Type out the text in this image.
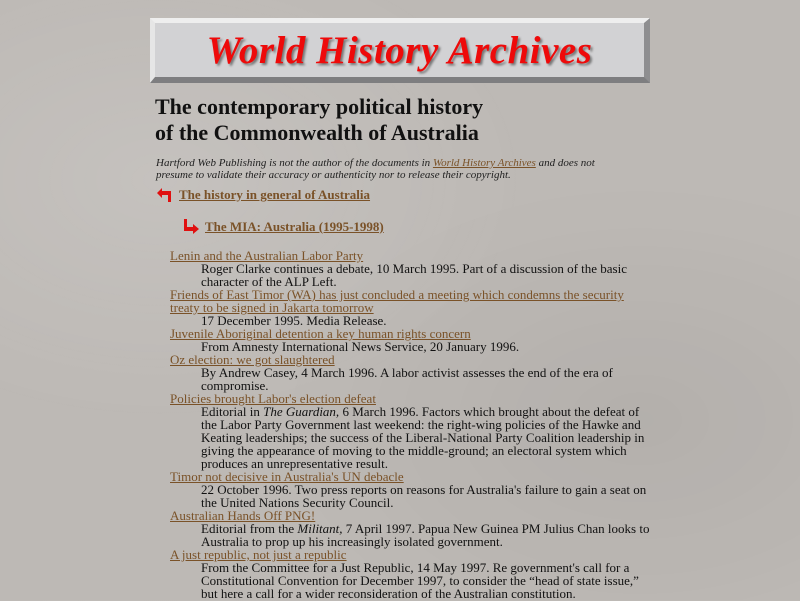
World History Archives
The contemporary political history
of the Commonwealth of Australia
Hartford Web Publishing is not the author of the documents in World History Archives and does not presume to validate their accuracy or authenticity nor to release their copyright.
The history in general of Australia
The MIA: Australia (1995-1998)
Lenin and the Australian Labor Party
Roger Clarke continues a debate, 10 March 1995. Part of a discussion of the basic character of the ALP Left.
Friends of East Timor (WA) has just concluded a meeting which condemns the security treaty to be signed in Jakarta tomorrow
17 December 1995. Media Release.
Juvenile Aboriginal detention a key human rights concern
From Amnesty International News Service, 20 January 1996.
Oz election: we got slaughtered
By Andrew Casey, 4 March 1996. A labor activist assesses the end of the era of compromise.
Policies brought Labor's election defeat
Editorial in The Guardian, 6 March 1996. Factors which brought about the defeat of the Labor Party Government last weekend: the right-wing policies of the Hawke and Keating leaderships; the success of the Liberal-National Party Coalition leadership in giving the appearance of moving to the middle-ground; an electoral system which produces an unrepresentative result.
Timor not decisive in Australia's UN debacle
22 October 1996. Two press reports on reasons for Australia's failure to gain a seat on the United Nations Security Council.
Australian Hands Off PNG!
Editorial from the Militant, 7 April 1997. Papua New Guinea PM Julius Chan looks to Australia to prop up his increasingly isolated government.
A just republic, not just a republic
From the Committee for a Just Republic, 14 May 1997. Re government's call for a Constitutional Convention for December 1997, to consider the “head of state issue,” but here a call for a wider reconsideration of the Australian constitution.
